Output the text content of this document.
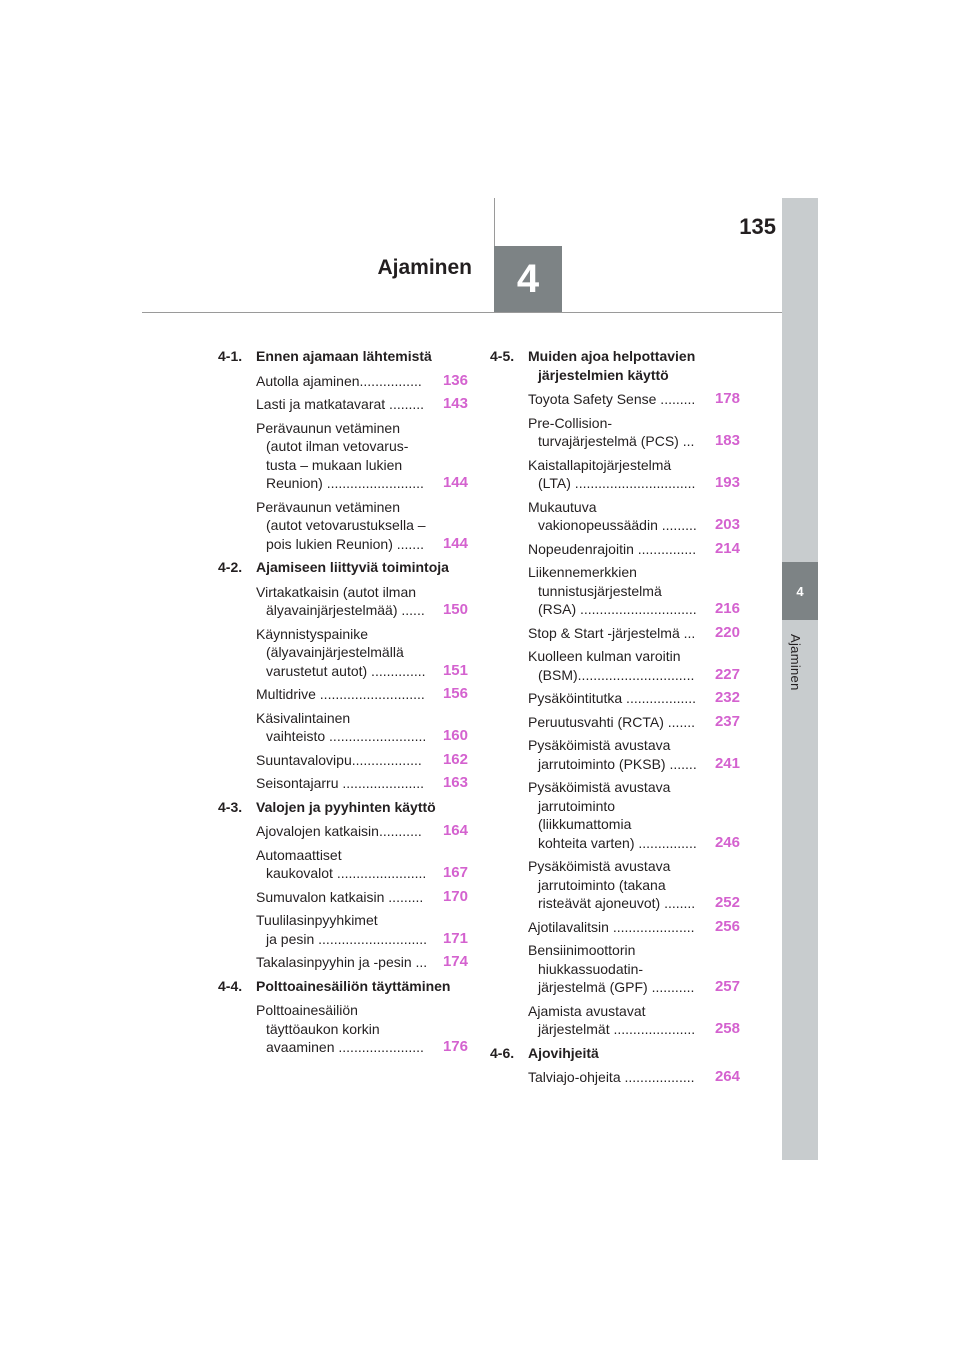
4
Ajaminen
135
4
Ajaminen
4-1. Ennen ajamaan lähtemistä
Autolla ajaminen................	136
Lasti ja matkatavarat .........	143
Perävaunun vetäminen
(autot ilman vetovarus-
tusta – mukaan lukien
Reunion) .........................	144
Perävaunun vetäminen
(autot vetovarustuksella –
pois lukien Reunion) .......	144
4-2. Ajamiseen liittyviä toimintoja
Virtakatkaisin (autot ilman
älyavainjärjestelmää) ......	150
Käynnistyspainike
(älyavainjärjestelmällä
varustetut autot) ..............	151
Multidrive ...........................	156
Käsivalintainen
vaihteisto .........................	160
Suuntavalovipu..................	162
Seisontajarru .....................	163
4-3. Valojen ja pyyhinten käyttö
Ajovalojen katkaisin...........	164
Automaattiset
kaukovalot .......................	167
Sumuvalon katkaisin .........	170
Tuulilasinpyyhkimet
ja pesin ............................	171
Takalasinpyyhin ja -pesin ...	174
4-4. Polttoainesäiliön täyttäminen
Polttoainesäiliön
täyttöaukon korkin
avaaminen ......................	176
4-5. Muiden ajoa helpottavien järjestelmien käyttö
Toyota Safety Sense .........	178
Pre-Collision-
turvajärjestelmä (PCS) ...	183
Kaistallapitojärjestelmä
(LTA) ...............................	193
Mukautuva
vakionopeussäädin .........	203
Nopeudenrajoitin ...............	214
Liikennemerkkien
tunnistusjärjestelmä
(RSA) ..............................	216
Stop & Start -järjestelmä ...	220
Kuolleen kulman varoitin
(BSM)..............................	227
Pysäköintitutka ..................	232
Peruutusvahti (RCTA) .......	237
Pysäköimistä avustava
jarrutoiminto (PKSB) .......	241
Pysäköimistä avustava
jarrutoiminto
(liikkumattomia
kohteita varten) ...............	246
Pysäköimistä avustava
jarrutoiminto (takana
risteävät ajoneuvot) ........	252
Ajotilavalitsin .....................	256
Bensiinimoottorin
hiukkassuodatin-
järjestelmä (GPF) ...........	257
Ajamista avustavat
järjestelmät .....................	258
4-6. Ajovihjeitä
Talviajo-ohjeita ..................	264
